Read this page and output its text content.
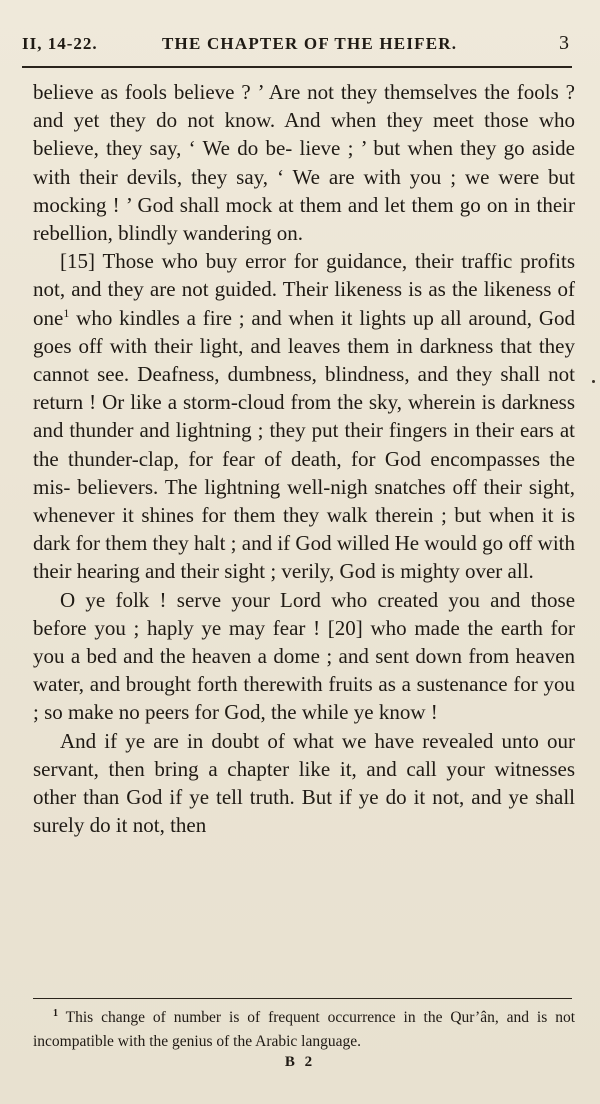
II, 14-22.	THE CHAPTER OF THE HEIFER.	3

believe as fools believe ? ’ Are not they themselves the fools ? and yet they do not know. And when they meet those who believe, they say, ‘ We do be- lieve ; ’ but when they go aside with their devils, they say, ‘ We are with you ; we were but mocking ! ’ God shall mock at them and let them go on in their rebellion, blindly wandering on.

[15] Those who buy error for guidance, their traffic profits not, and they are not guided. Their likeness is as the likeness of one$^1$ who kindles a fire ; and when it lights up all around, God goes off with their light, and leaves them in darkness that they cannot see. Deafness, dumbness, blindness, and they shall not return ! Or like a storm-cloud from the sky, wherein is darkness and thunder and lightning ; they put their fingers in their ears at the thunder-clap, for fear of death, for God encompasses the mis- believers. The lightning well-nigh snatches off their sight, whenever it shines for them they walk therein ; but when it is dark for them they halt ; and if God willed He would go off with their hearing and their sight ; verily, God is mighty over all.

O ye folk ! serve your Lord who created you and those before you ; haply ye may fear ! [20] who made the earth for you a bed and the heaven a dome ; and sent down from heaven water, and brought forth therewith fruits as a sustenance for you ; so make no peers for God, the while ye know !

And if ye are in doubt of what we have revealed unto our servant, then bring a chapter like it, and call your witnesses other than God if ye tell truth. But if ye do it not, and ye shall surely do it not, then

$^1$ This change of number is of frequent occurrence in the Qur’ân, and is not incompatible with the genius of the Arabic language.

B 2
